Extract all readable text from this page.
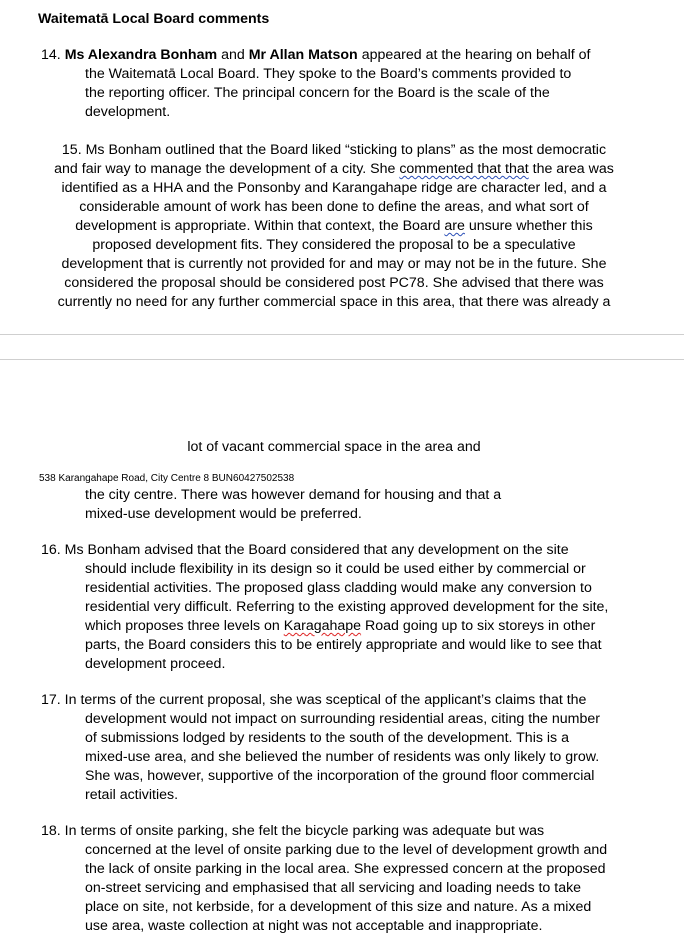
Waitematā Local Board comments
14. Ms Alexandra Bonham and Mr Allan Matson appeared at the hearing on behalf of
the Waitematā Local Board. They spoke to the Board’s comments provided to
the reporting officer. The principal concern for the Board is the scale of the
development.
15. Ms Bonham outlined that the Board liked “sticking to plans” as the most democratic
and fair way to manage the development of a city. She commented that that the area was
identified as a HHA and the Ponsonby and Karangahape ridge are character led, and a
considerable amount of work has been done to define the areas, and what sort of
development is appropriate. Within that context, the Board are unsure whether this
proposed development fits. They considered the proposal to be a speculative
development that is currently not provided for and may or may not be in the future. She
considered the proposal should be considered post PC78. She advised that there was
currently no need for any further commercial space in this area, that there was already a
lot of vacant commercial space in the area and
538 Karangahape Road, City Centre 8 BUN60427502538
the city centre. There was however demand for housing and that a
mixed-use development would be preferred.
16. Ms Bonham advised that the Board considered that any development on the site
should include flexibility in its design so it could be used either by commercial or
residential activities. The proposed glass cladding would make any conversion to
residential very difficult. Referring to the existing approved development for the site,
which proposes three levels on Karagahape Road going up to six storeys in other
parts, the Board considers this to be entirely appropriate and would like to see that
development proceed.
17. In terms of the current proposal, she was sceptical of the applicant’s claims that the
development would not impact on surrounding residential areas, citing the number
of submissions lodged by residents to the south of the development. This is a
mixed-use area, and she believed the number of residents was only likely to grow.
She was, however, supportive of the incorporation of the ground floor commercial
retail activities.
18. In terms of onsite parking, she felt the bicycle parking was adequate but was
concerned at the level of onsite parking due to the level of development growth and
the lack of onsite parking in the local area. She expressed concern at the proposed
on-street servicing and emphasised that all servicing and loading needs to take
place on site, not kerbside, for a development of this size and nature. As a mixed
use area, waste collection at night was not acceptable and inappropriate.
